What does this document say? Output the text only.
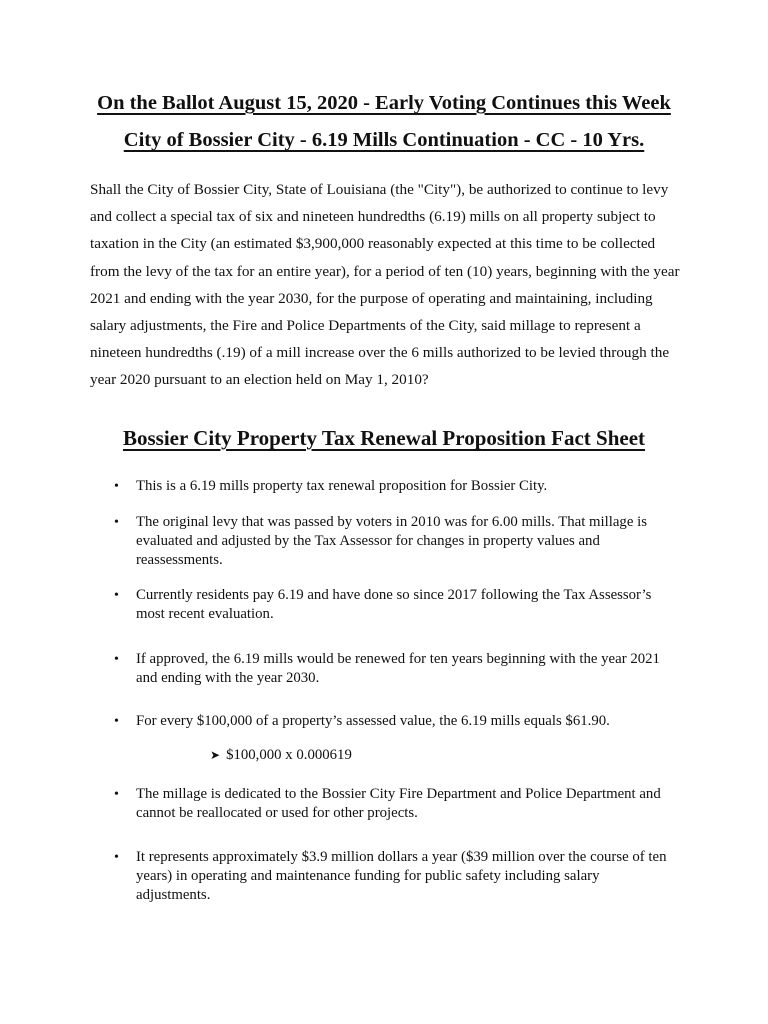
On the Ballot August 15, 2020 - Early Voting Continues this Week
City of Bossier City - 6.19 Mills Continuation - CC - 10 Yrs.

Shall the City of Bossier City, State of Louisiana (the "City"), be authorized to continue to levy
and collect a special tax of six and nineteen hundredths (6.19) mills on all property subject to
taxation in the City (an estimated $3,900,000 reasonably expected at this time to be collected
from the levy of the tax for an entire year), for a period of ten (10) years, beginning with the year
2021 and ending with the year 2030, for the purpose of operating and maintaining, including
salary adjustments, the Fire and Police Departments of the City, said millage to represent a
nineteen hundredths (.19) of a mill increase over the 6 mills authorized to be levied through the
year 2020 pursuant to an election held on May 1, 2010?

Bossier City Property Tax Renewal Proposition Fact Sheet
• This is a 6.19 mills property tax renewal proposition for Bossier City.
• The original levy that was passed by voters in 2010 was for 6.00 mills. That millage is
evaluated and adjusted by the Tax Assessor for changes in property values and
reassessments.
• Currently residents pay 6.19 and have done so since 2017 following the Tax Assessor’s
most recent evaluation.
• If approved, the 6.19 mills would be renewed for ten years beginning with the year 2021
and ending with the year 2030.
• For every $100,000 of a property’s assessed value, the 6.19 mills equals $61.90.
• The millage is dedicated to the Bossier City Fire Department and Police Department and
cannot be reallocated or used for other projects.
• It represents approximately $3.9 million dollars a year ($39 million over the course of ten
years) in operating and maintenance funding for public safety including salary
adjustments.
➤ $100,000 x 0.000619
